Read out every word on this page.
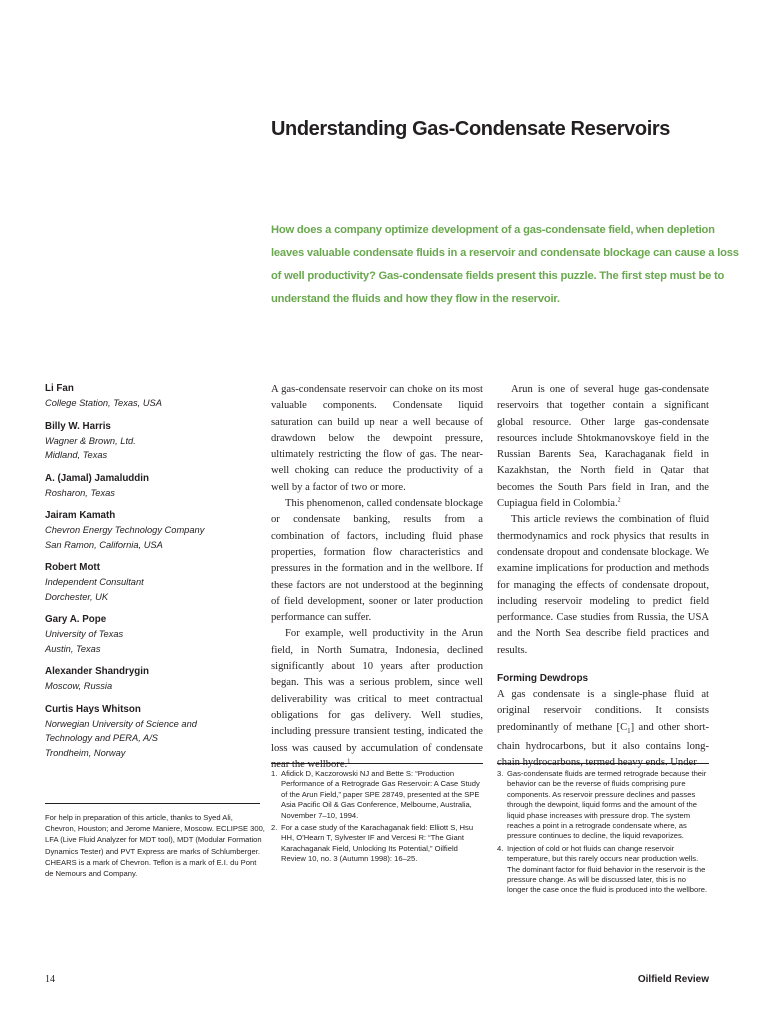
Understanding Gas-Condensate Reservoirs

How does a company optimize development of a gas-condensate field, when depletion leaves valuable condensate fluids in a reservoir and condensate blockage can cause a loss of well productivity? Gas-condensate fields present this puzzle. The first step must be to understand the fluids and how they flow in the reservoir.

Li Fan
College Station, Texas, USA
Billy W. Harris
Wagner & Brown, Ltd.
Midland, Texas
A. (Jamal) Jamaluddin
Rosharon, Texas
Jairam Kamath
Chevron Energy Technology Company
San Ramon, California, USA
Robert Mott
Independent Consultant
Dorchester, UK
Gary A. Pope
University of Texas
Austin, Texas
Alexander Shandrygin
Moscow, Russia
Curtis Hays Whitson
Norwegian University of Science and
Technology and PERA, A/S
Trondheim, Norway
For help in preparation of this article, thanks to Syed Ali, Chevron, Houston; and Jerome Maniere, Moscow. ECLIPSE 300, LFA (Live Fluid Analyzer for MDT tool), MDT (Modular Formation Dynamics Tester) and PVT Express are marks of Schlumberger. CHEARS is a mark of Chevron. Teflon is a mark of E.I. du Pont de Nemours and Company.

A gas-condensate reservoir can choke on its most valuable components. Condensate liquid saturation can build up near a well because of drawdown below the dewpoint pressure, ultimately restricting the flow of gas. The near-well choking can reduce the productivity of a well by a factor of two or more.

This phenomenon, called condensate blockage or condensate banking, results from a combination of factors, including fluid phase properties, formation flow characteristics and pressures in the formation and in the wellbore. If these factors are not understood at the beginning of field development, sooner or later production performance can suffer.

For example, well productivity in the Arun field, in North Sumatra, Indonesia, declined significantly about 10 years after production began. This was a serious problem, since well deliverability was critical to meet contractual obligations for gas delivery. Well studies, including pressure transient testing, indicated the loss was caused by accumulation of condensate near the wellbore.$^1$

Arun is one of several huge gas-condensate reservoirs that together contain a significant global resource. Other large gas-condensate resources include Shtokmanovskoye field in the Russian Barents Sea, Karachaganak field in Kazakhstan, the North field in Qatar that becomes the South Pars field in Iran, and the Cupiagua field in Colombia.$^2$

This article reviews the combination of fluid thermodynamics and rock physics that results in condensate dropout and condensate blockage. We examine implications for production and methods for managing the effects of condensate dropout, including reservoir modeling to predict field performance. Case studies from Russia, the USA and the North Sea describe field practices and results.

Forming Dewdrops

A gas condensate is a single-phase fluid at original reservoir conditions. It consists predominantly of methane $[C_1]$ and other short-chain hydrocarbons, but it also contains long-chain hydrocarbons, termed heavy ends. Under

1. Afidick D, Kaczorowski NJ and Bette S: “Production Performance of a Retrograde Gas Reservoir: A Case Study of the Arun Field,” paper SPE 28749, presented at the SPE Asia Pacific Oil & Gas Conference, Melbourne, Australia, November 7–10, 1994.
2. For a case study of the Karachaganak field: Elliott S, Hsu HH, O’Hearn T, Sylvester IF and Vercesi R: “The Giant Karachaganak Field, Unlocking Its Potential,” Oilfield Review 10, no. 3 (Autumn 1998): 16–25.
3. Gas-condensate fluids are termed retrograde because their behavior can be the reverse of fluids comprising pure components. As reservoir pressure declines and passes through the dewpoint, liquid forms and the amount of the liquid phase increases with pressure drop. The system reaches a point in a retrograde condensate where, as pressure continues to decline, the liquid revaporizes.
4. Injection of cold or hot fluids can change reservoir temperature, but this rarely occurs near production wells. The dominant factor for fluid behavior in the reservoir is the pressure change. As will be discussed later, this is no longer the case once the fluid is produced into the wellbore.
14	Oilfield Review
